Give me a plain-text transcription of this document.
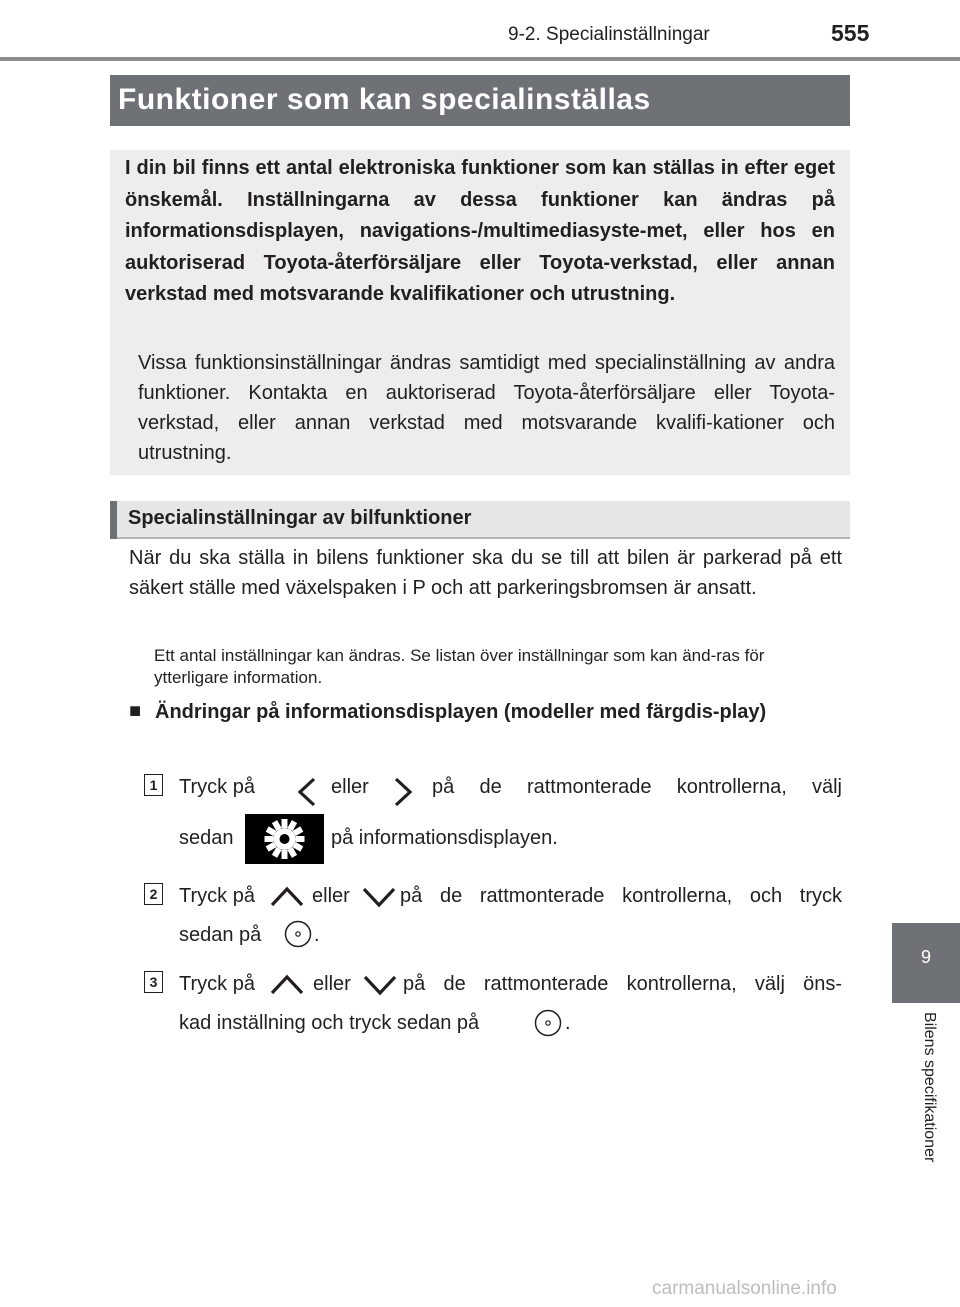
9-2. Specialinställningar	555
Funktioner som kan specialinställas
I din bil finns ett antal elektroniska funktioner som kan ställas in efter eget önskemål. Inställningarna av dessa funktioner kan ändras på informationsdisplayen, navigations-/multimediasyste-met, eller hos en auktoriserad Toyota-återförsäljare eller Toyota-verkstad, eller annan verkstad med motsvarande kvalifikationer och utrustning.
Vissa funktionsinställningar ändras samtidigt med specialinställning av andra funktioner. Kontakta en auktoriserad Toyota-återförsäljare eller Toyota-verkstad, eller annan verkstad med motsvarande kvalifi-kationer och utrustning.
Specialinställningar av bilfunktioner
När du ska ställa in bilens funktioner ska du se till att bilen är parkerad på ett säkert ställe med växelspaken i P och att parkeringsbromsen är ansatt.
Ett antal inställningar kan ändras. Se listan över inställningar som kan änd-ras för ytterligare information.
■ Ändringar på informationsdisplayen (modeller med färgdis-play)
1 Tryck på	eller	på de rattmonterade kontrollerna, välj
sedan	på informationsdisplayen.
2 Tryck på	eller	på de rattmonterade kontrollerna, och tryck
sedan på	.
3 Tryck på	eller	på de rattmonterade kontrollerna, välj öns-
kad inställning och tryck sedan på	.
9
Bilens specifikationer
carmanualsonline.info
